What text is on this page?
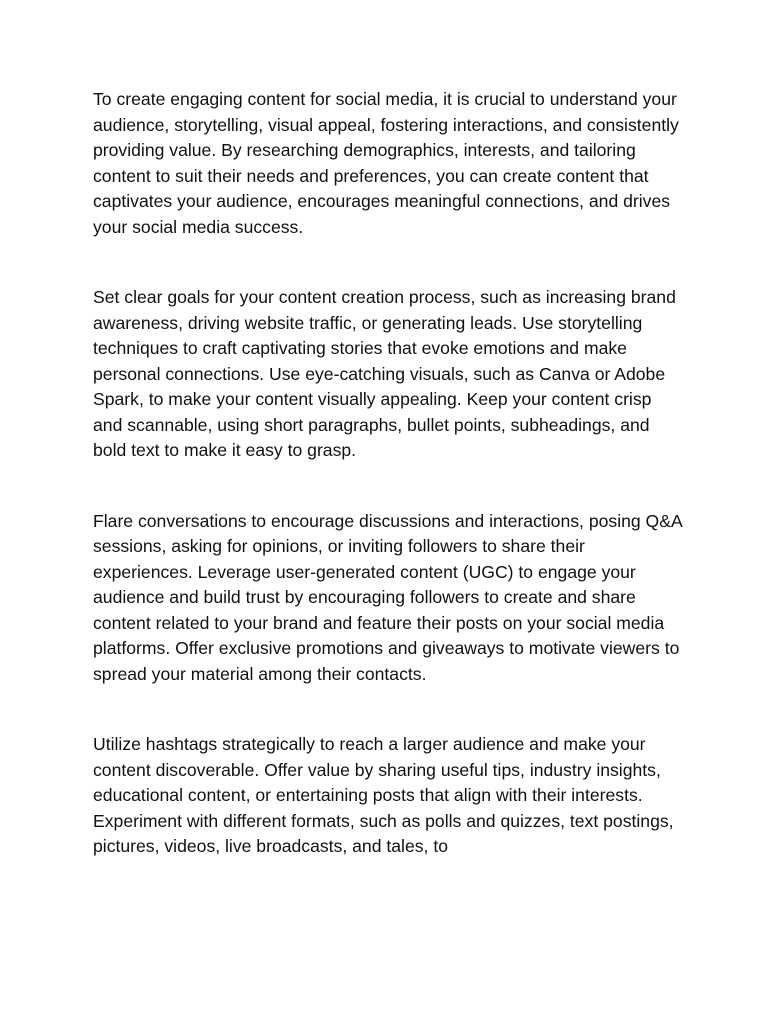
To create engaging content for social media, it is crucial to understand your audience, storytelling, visual appeal, fostering interactions, and consistently providing value. By researching demographics, interests, and tailoring content to suit their needs and preferences, you can create content that captivates your audience, encourages meaningful connections, and drives your social media success.

Set clear goals for your content creation process, such as increasing brand awareness, driving website traffic, or generating leads. Use storytelling techniques to craft captivating stories that evoke emotions and make personal connections. Use eye-catching visuals, such as Canva or Adobe Spark, to make your content visually appealing. Keep your content crisp and scannable, using short paragraphs, bullet points, subheadings, and bold text to make it easy to grasp.

Flare conversations to encourage discussions and interactions, posing Q&A sessions, asking for opinions, or inviting followers to share their experiences. Leverage user-generated content (UGC) to engage your audience and build trust by encouraging followers to create and share content related to your brand and feature their posts on your social media platforms. Offer exclusive promotions and giveaways to motivate viewers to spread your material among their contacts.

Utilize hashtags strategically to reach a larger audience and make your content discoverable. Offer value by sharing useful tips, industry insights, educational content, or entertaining posts that align with their interests. Experiment with different formats, such as polls and quizzes, text postings, pictures, videos, live broadcasts, and tales, to
